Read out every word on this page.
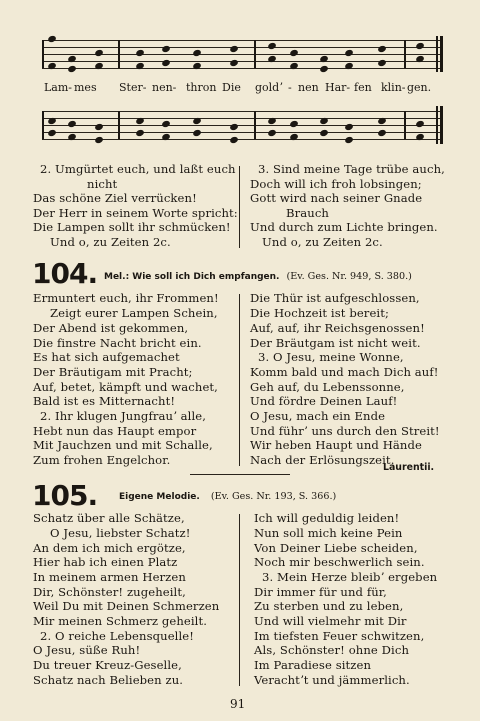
Lam- mes Ster- nen- thron Die goldʼ - nen Har- fen klin- gen.
2. Umgürtet euch, und laßt euch
nicht
Das schöne Ziel verrücken!
Der Herr in seinem Worte spricht:
Die Lampen sollt ihr schmücken!
Und o, zu Zeiten 2c.
3. Sind meine Tage trübe auch,
Doch will ich froh lobsingen;
Gott wird nach seiner Gnade
Brauch
Und durch zum Lichte bringen.
Und o, zu Zeiten 2c.
104. Mel.: Wie soll ich Dich empfangen. (Ev. Ges. Nr. 949, S. 380.)
Ermuntert euch, ihr Frommen!
Zeigt eurer Lampen Schein,
Der Abend ist gekommen,
Die finstre Nacht bricht ein.
Es hat sich aufgemachet
Der Bräutigam mit Pracht;
Auf, betet, kämpft und wachet,
Bald ist es Mitternacht!
2. Ihr klugen Jungfrauʼ alle,
Hebt nun das Haupt empor
Mit Jauchzen und mit Schalle,
Zum frohen Engelchor.
Die Thür ist aufgeschlossen,
Die Hochzeit ist bereit;
Auf, auf, ihr Reichsgenossen!
Der Bräutgam ist nicht weit.
3. O Jesu, meine Wonne,
Komm bald und mach Dich auf!
Geh auf, du Lebenssonne,
Und fördre Deinen Lauf!
O Jesu, mach ein Ende
Und führʼ uns durch den Streit!
Wir heben Haupt und Hände
Nach der Erlösungszeit.
Laurentii.
105. Eigene Melodie. (Ev. Ges. Nr. 193, S. 366.)
Schatz über alle Schätze,
O Jesu, liebster Schatz!
An dem ich mich ergötze,
Hier hab ich einen Platz
In meinem armen Herzen
Dir, Schönster! zugeheilt,
Weil Du mit Deinen Schmerzen
Mir meinen Schmerz geheilt.
2. O reiche Lebensquelle!
O Jesu, süße Ruh!
Du treuer Kreuz-Geselle,
Schatz nach Belieben zu.
Ich will geduldig leiden!
Nun soll mich keine Pein
Von Deiner Liebe scheiden,
Noch mir beschwerlich sein.
3. Mein Herze bleibʼ ergeben
Dir immer für und für,
Zu sterben und zu leben,
Und will vielmehr mit Dir
Im tiefsten Feuer schwitzen,
Als, Schönster! ohne Dich
Im Paradiese sitzen
Verachtʼt und jämmerlich.
91
